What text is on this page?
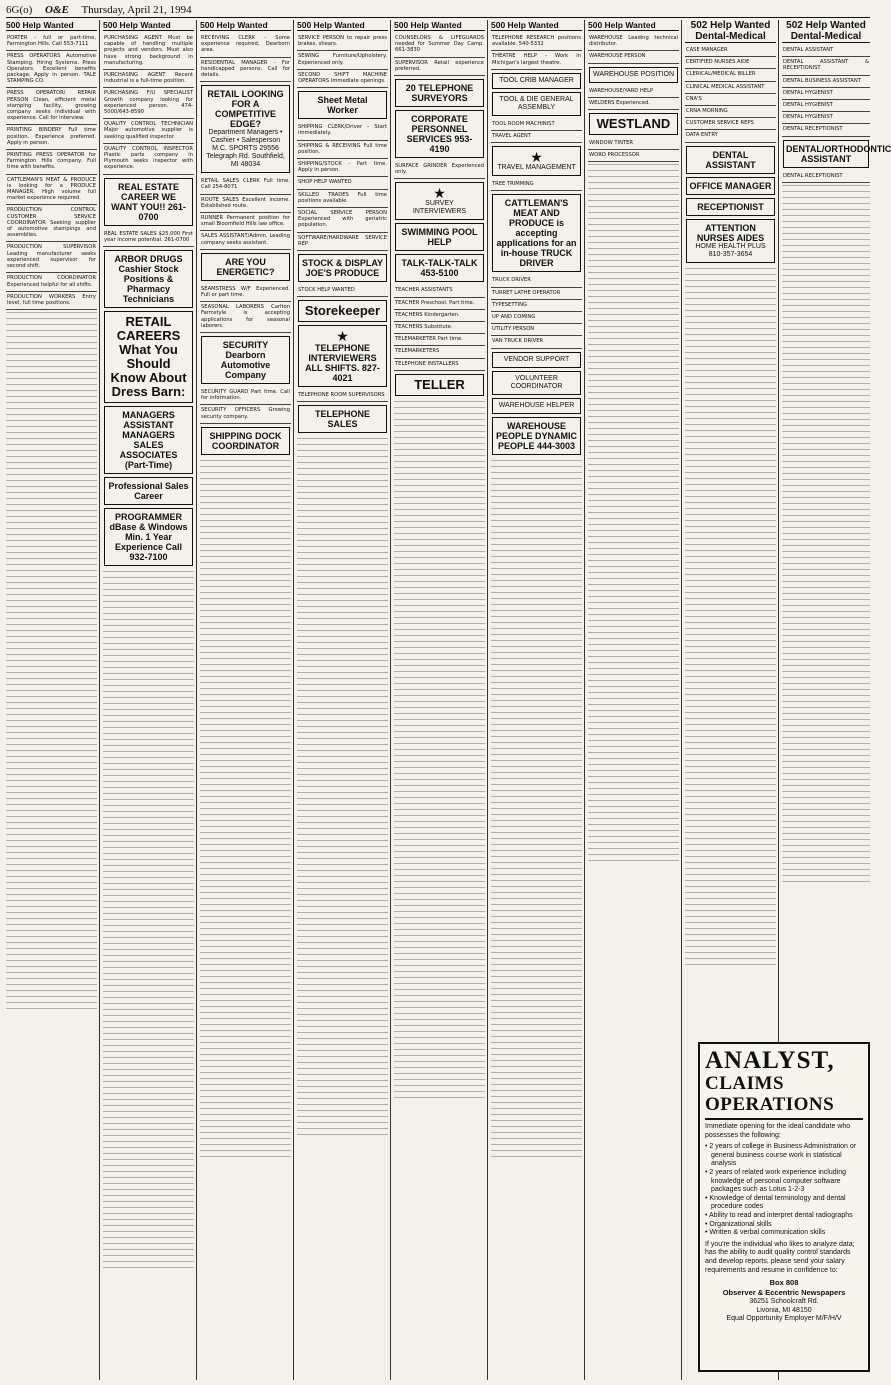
6G(o) O&E Thursday, April 21, 1994
500 Help Wanted
PORTER - full or part-time, Farmington Hills. Call 553-7111
PRESS OPERATORS Automotive Stamping. Hiring Systems. Press Operators. Excellent benefits package. Apply in person. TALE STAMPING CO.
PRESS OPERATOR/ REPAIR PERSON Clean, efficient metal stamping facility, growing company seeks individual with experience. Call for interview.
PRINTING BINDERY Full time position. Experience preferred. Apply in person.
PRINTING PRESS OPERATOR for Farmington Hills company. Full time with benefits.
CATTLEMAN'S MEAT & PRODUCE is looking for a PRODUCE MANAGER. High volume full market experience required.
PRODUCTION CONTROL CUSTOMER SERVICE COORDINATOR Seeking supplier of automotive stampings and assemblies.
PRODUCTION SUPERVISOR Leading manufacturer seeks experienced supervisor for second shift.
PRODUCTION COORDINATOR Experienced helpful for all shifts.
PRODUCTION WORKERS Entry level, full time positions.
500 Help Wanted
PURCHASING AGENT Must be capable of handling multiple projects and vendors. Must also have strong background in manufacturing.
PURCHASING AGENT Recent industrial is a full-time position.
PURCHASING F/U SPECIALIST Growth company looking for experienced person. 474-5000/643-8590
QUALITY CONTROL TECHNICIAN Major automotive supplier is seeking qualified inspector.
QUALITY CONTROL INSPECTOR Plastic parts company in Plymouth seeks inspector with experience.
REAL ESTATE CAREER WE WANT YOU!! 261-0700
REAL ESTATE SALES $25,000 First year income potential. 261-0700
ARBOR DRUGS Cashier Stock Positions & Pharmacy Technicians
RETAIL CAREERS What You Should Know About Dress Barn:
MANAGERS ASSISTANT MANAGERS SALES ASSOCIATES (Part-Time)
Professional Sales Career
PROGRAMMER dBase & Windows Min. 1 Year Experience Call 932-7100
500 Help Wanted
RECEIVING CLERK - Some experience required, Dearborn area.
RESIDENTIAL MANAGER - For handicapped persons. Call for details.
RETAIL LOOKING FOR A COMPETITIVE EDGE?
Department Managers • Cashier • Salesperson
M.C. SPORTS 29556 Telegraph Rd. Southfield, MI 48034
RETAIL SALES CLERK Full time. Call 254-8071
ROUTE SALES Excellent income. Established route.
RUNNER Permanent position for small Bloomfield Hills law office.
SALES ASSISTANT/Admin. Leading company seeks assistant.
ARE YOU ENERGETIC?
SEAMSTRESS W/F Experienced. Full or part time.
SEASONAL LABORERS Carlton Farmstyle is accepting applications for seasonal laborers.
SECURITY Dearborn Automotive Company
SECURITY GUARD Part time. Call for information.
SECURITY OFFICERS Growing security company.
SHIPPING DOCK COORDINATOR
500 Help Wanted
SERVICE PERSON to repair press brakes, shears.
SEWING Furniture/Upholstery. Experienced only.
SECOND SHIFT MACHINE OPERATORS Immediate openings.
Sheet Metal Worker
SHIPPING CLERK/Driver - Start immediately.
SHIPPING & RECEIVING Full time position.
SHIPPING/STOCK - Part time. Apply in person.
SHOP HELP WANTED
SKILLED TRADES Full time positions available.
SOCIAL SERVICE PERSON Experienced with geriatric population.
SOFTWARE/HARDWARE SERVICE REP
STOCK & DISPLAY JOE'S PRODUCE
STOCK HELP WANTED
Storekeeper
★
TELEPHONE INTERVIEWERS ALL SHIFTS. 827-4021
TELEPHONE ROOM SUPERVISORS
TELEPHONE SALES
500 Help Wanted
COUNSELORS & LIFEGUARDS needed for Summer Day Camp. 661-3830
SUPERVISOR Retail experience preferred.
20 TELEPHONE SURVEYORS
CORPORATE PERSONNEL SERVICES 953-4190
SURFACE GRINDER Experienced only.
★
SURVEY INTERVIEWERS
SWIMMING POOL HELP
TALK-TALK-TALK 453-5100
TEACHER ASSISTANTS
TEACHER Preschool. Part time.
TEACHERS Kindergarten.
TEACHERS Substitute.
TELEMARKETER Part time.
TELEMARKETERS
TELEPHONE INSTALLERS
TELLER
500 Help Wanted
TELEPHONE RESEARCH positions available. 540-5332
THEATRE HELP - Work in Michigan's largest theatre.
TOOL CRIB MANAGER
TOOL & DIE GENERAL ASSEMBLY
TOOL ROOM MACHINIST
TRAVEL AGENT
★
TRAVEL MANAGEMENT
TREE TRIMMING
CATTLEMAN'S MEAT AND PRODUCE is accepting applications for an in-house TRUCK DRIVER
TRUCK DRIVER
TURRET LATHE OPERATOR
TYPESETTING
UP AND COMING
UTILITY PERSON
VAN TRUCK DRIVER
VENDOR SUPPORT
VOLUNTEER COORDINATOR
WAREHOUSE HELPER
WAREHOUSE PEOPLE DYNAMIC PEOPLE 444-3003
500 Help Wanted
WAREHOUSE Leading technical distributor.
WAREHOUSE PERSON
WAREHOUSE POSITION
WAREHOUSE/YARD HELP
WELDERS Experienced.
WESTLAND
WINDOW TINTER
WORD PROCESSOR
502 Help Wanted Dental-Medical
CASE MANAGER
CERTIFIED NURSES AIDE
CLERICAL/MEDICAL BILLER
CLINICAL MEDICAL ASSISTANT
CNA'S
CRNA MORNING
CUSTOMER SERVICE REPS
DATA ENTRY
DENTAL ASSISTANT
OFFICE MANAGER
RECEPTIONIST
ATTENTION NURSES AIDES
HOME HEALTH PLUS 810-357-3654
502 Help Wanted Dental-Medical
DENTAL ASSISTANT
DENTAL ASSISTANT & RECEPTIONIST
DENTAL BUSINESS ASSISTANT
DENTAL HYGIENIST
DENTAL HYGIENIST
DENTAL HYGIENIST
DENTAL RECEPTIONIST
DENTAL/ORTHODONTIC ASSISTANT
DENTAL RECEPTIONIST
ANALYST,
CLAIMS OPERATIONS

Immediate opening for the ideal candidate who possesses the following:

• 2 years of college in Business Administration or general business course work in statistical analysis
• 2 years of related work experience including knowledge of personal computer software packages such as Lotus 1-2-3
• Knowledge of dental terminology and dental procedure codes
• Ability to read and interpret dental radiographs
• Organizational skills
• Written & verbal communication skills

If you're the individual who likes to analyze data; has the ability to audit quality control standards and develop reports, please send your salary requirements and resume in confidence to:

Box 808
Observer & Eccentric Newspapers
36251 Schoolcraft Rd.
Livonia, MI 48150
Equal Opportunity Employer M/F/H/V
